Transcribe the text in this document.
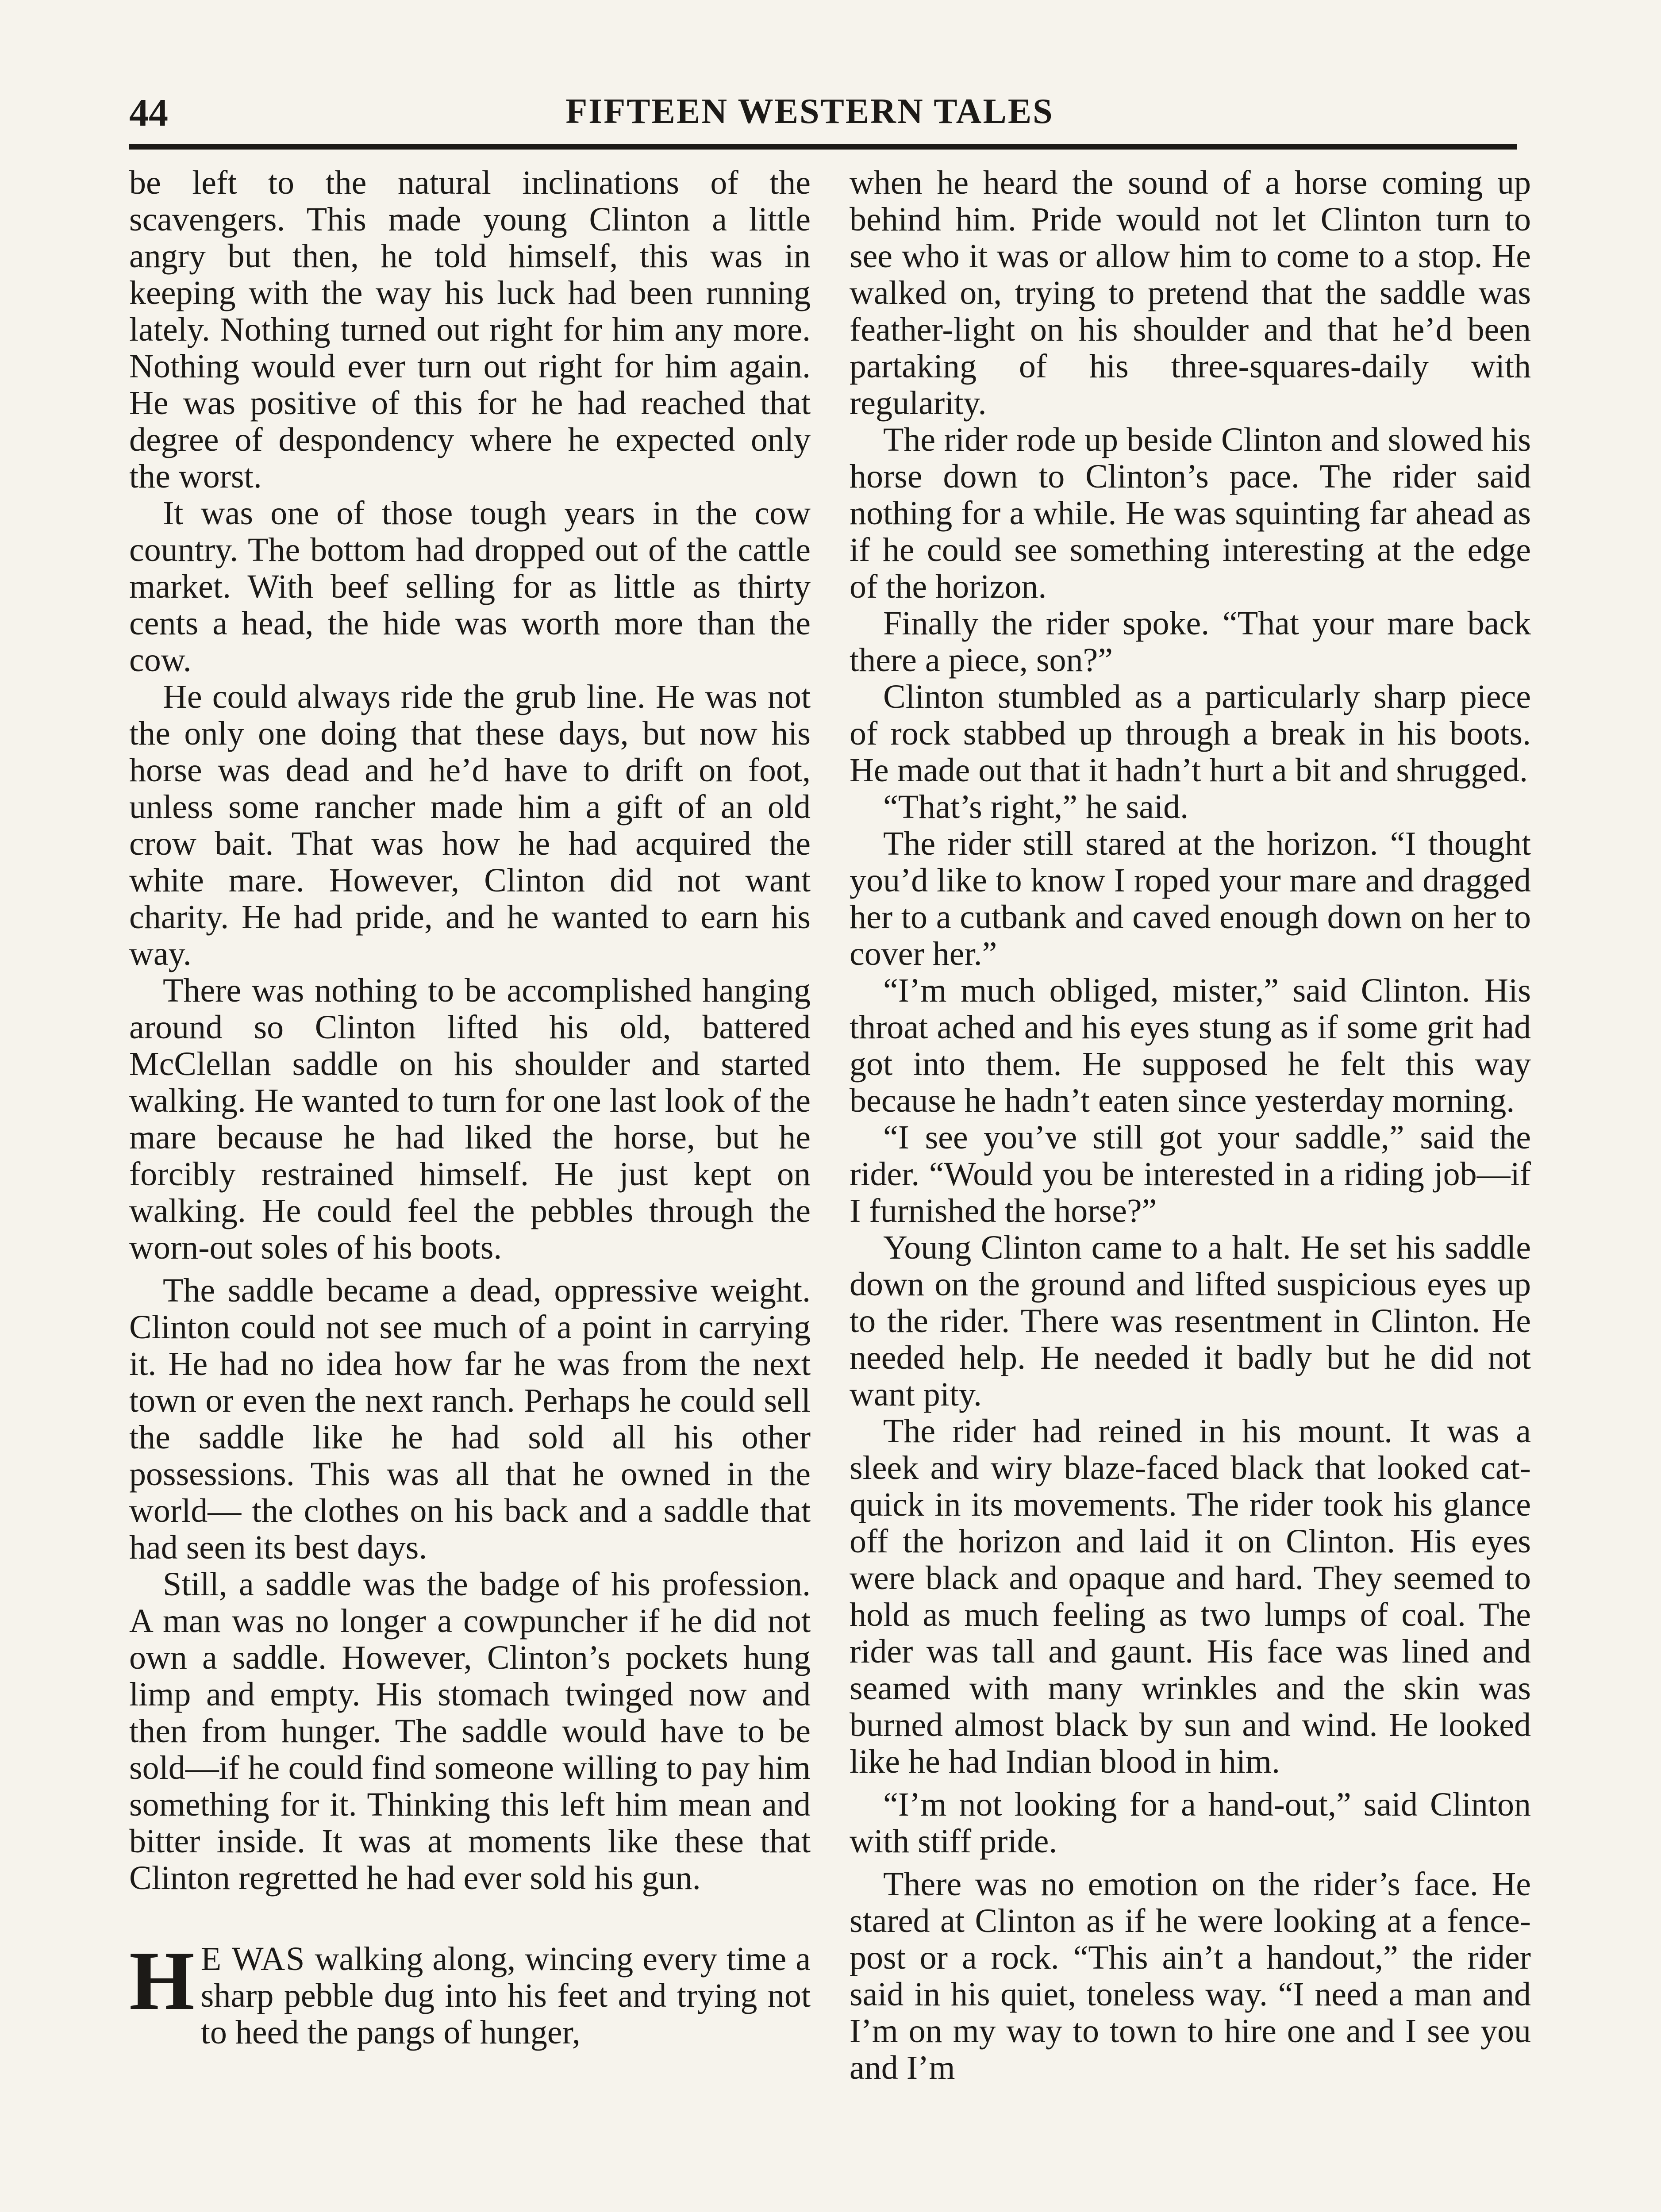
44	FIFTEEN WESTERN TALES

be left to the natural inclinations of the scavengers. This made young Clinton a little angry but then, he told himself, this was in keeping with the way his luck had been running lately. Nothing turned out right for him any more. Nothing would ever turn out right for him again. He was positive of this for he had reached that degree of despondency where he expected only the worst.

It was one of those tough years in the cow country. The bottom had dropped out of the cattle market. With beef selling for as little as thirty cents a head, the hide was worth more than the cow.

He could always ride the grub line. He was not the only one doing that these days, but now his horse was dead and he’d have to drift on foot, unless some rancher made him a gift of an old crow bait. That was how he had acquired the white mare. However, Clinton did not want charity. He had pride, and he wanted to earn his way.

There was nothing to be accomplished hanging around so Clinton lifted his old, battered McClellan saddle on his shoulder and started walking. He wanted to turn for one last look of the mare because he had liked the horse, but he forcibly restrained himself. He just kept on walking. He could feel the pebbles through the worn-out soles of his boots.

The saddle became a dead, oppressive weight. Clinton could not see much of a point in carrying it. He had no idea how far he was from the next town or even the next ranch. Perhaps he could sell the saddle like he had sold all his other possessions. This was all that he owned in the world— the clothes on his back and a saddle that had seen its best days.

Still, a saddle was the badge of his profession. A man was no longer a cowpuncher if he did not own a saddle. However, Clinton’s pockets hung limp and empty. His stomach twinged now and then from hunger. The saddle would have to be sold—if he could find someone willing to pay him something for it. Thinking this left him mean and bitter inside. It was at moments like these that Clinton regretted he had ever sold his gun.

H E WAS walking along, wincing every time a sharp pebble dug into his feet and trying not to heed the pangs of hunger,

when he heard the sound of a horse coming up behind him. Pride would not let Clinton turn to see who it was or allow him to come to a stop. He walked on, trying to pretend that the saddle was feather-light on his shoulder and that he’d been partaking of his three-squares-daily with regularity.

The rider rode up beside Clinton and slowed his horse down to Clinton’s pace. The rider said nothing for a while. He was squinting far ahead as if he could see something interesting at the edge of the horizon.

Finally the rider spoke. “That your mare back there a piece, son?”

Clinton stumbled as a particularly sharp piece of rock stabbed up through a break in his boots. He made out that it hadn’t hurt a bit and shrugged.

“That’s right,” he said.

The rider still stared at the horizon. “I thought you’d like to know I roped your mare and dragged her to a cutbank and caved enough down on her to cover her.”

“I’m much obliged, mister,” said Clinton. His throat ached and his eyes stung as if some grit had got into them. He supposed he felt this way because he hadn’t eaten since yesterday morning.

“I see you’ve still got your saddle,” said the rider. “Would you be interested in a riding job—if I furnished the horse?”

Young Clinton came to a halt. He set his saddle down on the ground and lifted suspicious eyes up to the rider. There was resentment in Clinton. He needed help. He needed it badly but he did not want pity.

The rider had reined in his mount. It was a sleek and wiry blaze-faced black that looked cat-quick in its movements. The rider took his glance off the horizon and laid it on Clinton. His eyes were black and opaque and hard. They seemed to hold as much feeling as two lumps of coal. The rider was tall and gaunt. His face was lined and seamed with many wrinkles and the skin was burned almost black by sun and wind. He looked like he had Indian blood in him.

“I’m not looking for a hand-out,” said Clinton with stiff pride.

There was no emotion on the rider’s face. He stared at Clinton as if he were looking at a fence-post or a rock. “This ain’t a handout,” the rider said in his quiet, toneless way. “I need a man and I’m on my way to town to hire one and I see you and I’m
